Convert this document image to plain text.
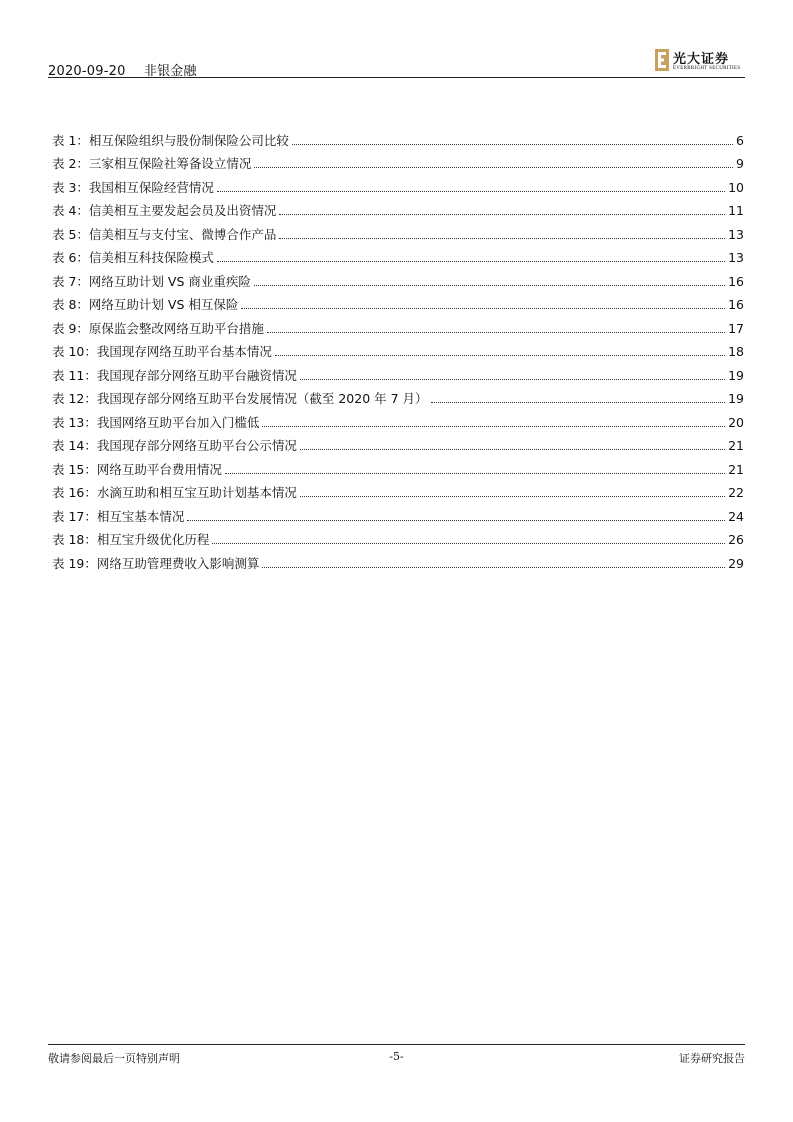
2020-09-20 非银金融
光大证券
EVERBRIGHT SECURITIES
表 1：相互保险组织与股份制保险公司比较	6
表 2：三家相互保险社筹备设立情况	9
表 3：我国相互保险经营情况	10
表 4：信美相互主要发起会员及出资情况	11
表 5：信美相互与支付宝、微博合作产品	13
表 6：信美相互科技保险模式	13
表 7：网络互助计划 VS 商业重疾险	16
表 8：网络互助计划 VS 相互保险	16
表 9：原保监会整改网络互助平台措施	17
表 10：我国现存网络互助平台基本情况	18
表 11：我国现存部分网络互助平台融资情况	19
表 12：我国现存部分网络互助平台发展情况（截至 2020 年 7 月）	19
表 13：我国网络互助平台加入门槛低	20
表 14：我国现存部分网络互助平台公示情况	21
表 15：网络互助平台费用情况	21
表 16：水滴互助和相互宝互助计划基本情况	22
表 17：相互宝基本情况	24
表 18：相互宝升级优化历程	26
表 19：网络互助管理费收入影响测算	29
敬请参阅最后一页特别声明	-5-	证券研究报告
